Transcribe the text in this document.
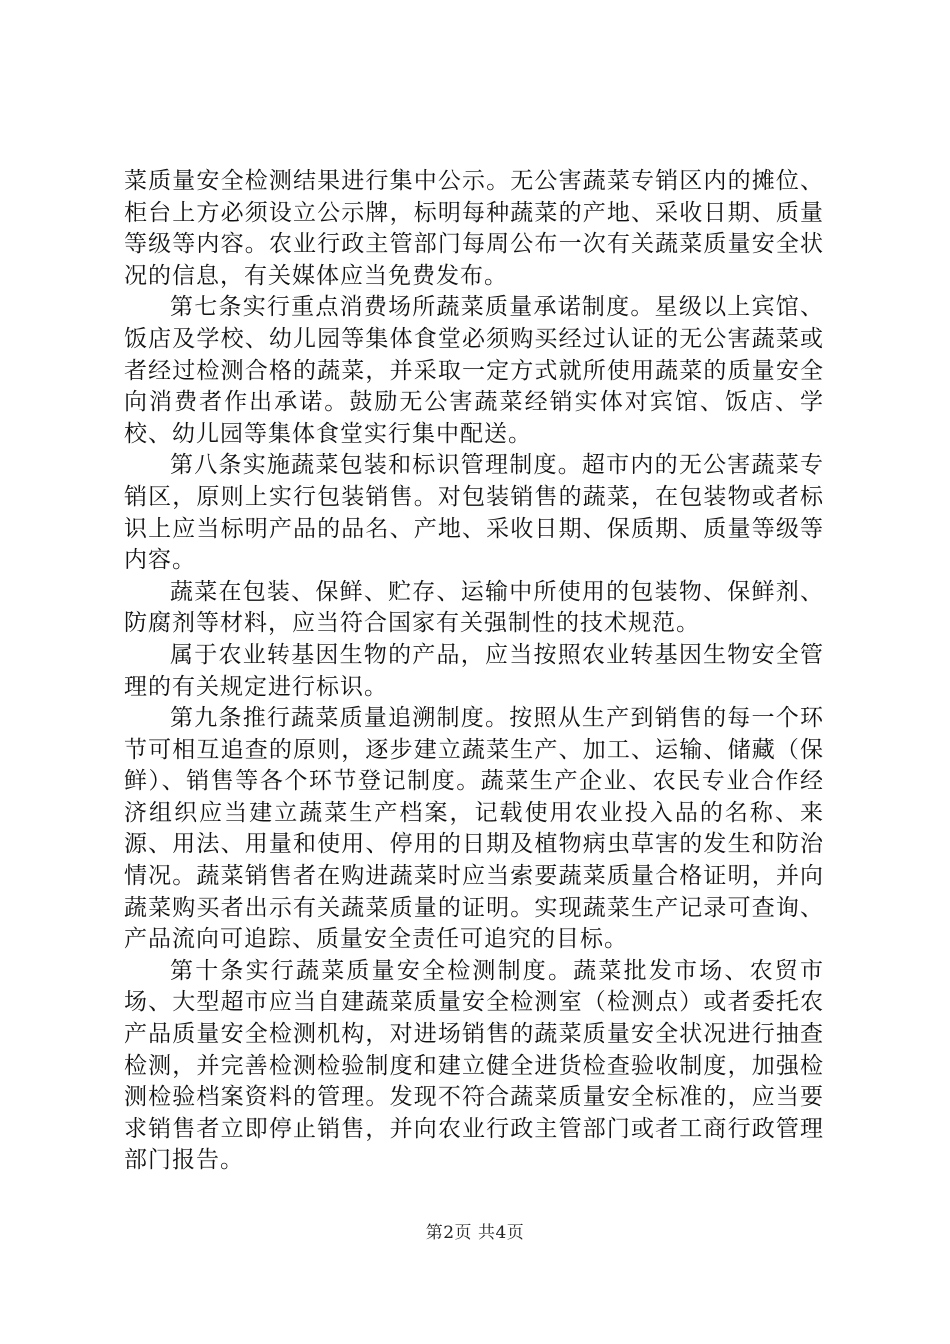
菜质量安全检测结果进行集中公示。无公害蔬菜专销区内的摊位、柜台上方必须设立公示牌，标明每种蔬菜的产地、采收日期、质量等级等内容。农业行政主管部门每周公布一次有关蔬菜质量安全状况的信息，有关媒体应当免费发布。

第七条实行重点消费场所蔬菜质量承诺制度。星级以上宾馆、饭店及学校、幼儿园等集体食堂必须购买经过认证的无公害蔬菜或者经过检测合格的蔬菜，并采取一定方式就所使用蔬菜的质量安全向消费者作出承诺。鼓励无公害蔬菜经销实体对宾馆、饭店、学校、幼儿园等集体食堂实行集中配送。

第八条实施蔬菜包装和标识管理制度。超市内的无公害蔬菜专销区，原则上实行包装销售。对包装销售的蔬菜，在包装物或者标识上应当标明产品的品名、产地、采收日期、保质期、质量等级等内容。

蔬菜在包装、保鲜、贮存、运输中所使用的包装物、保鲜剂、防腐剂等材料，应当符合国家有关强制性的技术规范。

属于农业转基因生物的产品，应当按照农业转基因生物安全管理的有关规定进行标识。

第九条推行蔬菜质量追溯制度。按照从生产到销售的每一个环节可相互追查的原则，逐步建立蔬菜生产、加工、运输、储藏（保鲜）、销售等各个环节登记制度。蔬菜生产企业、农民专业合作经济组织应当建立蔬菜生产档案，记载使用农业投入品的名称、来源、用法、用量和使用、停用的日期及植物病虫草害的发生和防治情况。蔬菜销售者在购进蔬菜时应当索要蔬菜质量合格证明，并向蔬菜购买者出示有关蔬菜质量的证明。实现蔬菜生产记录可查询、产品流向可追踪、质量安全责任可追究的目标。

第十条实行蔬菜质量安全检测制度。蔬菜批发市场、农贸市场、大型超市应当自建蔬菜质量安全检测室（检测点）或者委托农产品质量安全检测机构，对进场销售的蔬菜质量安全状况进行抽查检测，并完善检测检验制度和建立健全进货检查验收制度，加强检测检验档案资料的管理。发现不符合蔬菜质量安全标准的，应当要求销售者立即停止销售，并向农业行政主管部门或者工商行政管理部门报告。

第2页 共4页
